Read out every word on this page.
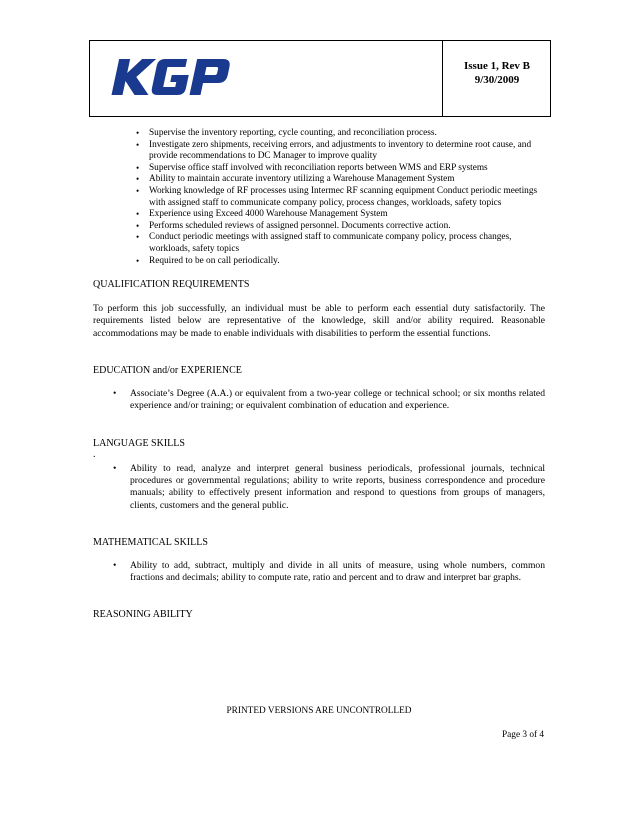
Issue 1, Rev B
9/30/2009
• Supervise the inventory reporting, cycle counting, and reconciliation process.
• Investigate zero shipments, receiving errors, and adjustments to inventory to determine root cause, and provide recommendations to DC Manager to improve quality
• Supervise office staff involved with reconciliation reports between WMS and ERP systems
• Ability to maintain accurate inventory utilizing a Warehouse Management System
• Working knowledge of RF processes using Intermec RF scanning equipment Conduct periodic meetings with assigned staff to communicate company policy, process changes, workloads, safety topics
• Experience using Exceed 4000 Warehouse Management System
• Performs scheduled reviews of assigned personnel. Documents corrective action.
• Conduct periodic meetings with assigned staff to communicate company policy, process changes, workloads, safety topics
• Required to be on call periodically.
QUALIFICATION REQUIREMENTS
To perform this job successfully, an individual must be able to perform each essential duty satisfactorily. The requirements listed below are representative of the knowledge, skill and/or ability required. Reasonable accommodations may be made to enable individuals with disabilities to perform the essential functions.
EDUCATION and/or EXPERIENCE
• Associate’s Degree (A.A.) or equivalent from a two-year college or technical school; or six months related experience and/or training; or equivalent combination of education and experience.
LANGUAGE SKILLS
.
• Ability to read, analyze and interpret general business periodicals, professional journals, technical procedures or governmental regulations; ability to write reports, business correspondence and procedure manuals; ability to effectively present information and respond to questions from groups of managers, clients, customers and the general public.
MATHEMATICAL SKILLS
• Ability to add, subtract, multiply and divide in all units of measure, using whole numbers, common fractions and decimals; ability to compute rate, ratio and percent and to draw and interpret bar graphs.
REASONING ABILITY
PRINTED VERSIONS ARE UNCONTROLLED
Page 3 of 4
